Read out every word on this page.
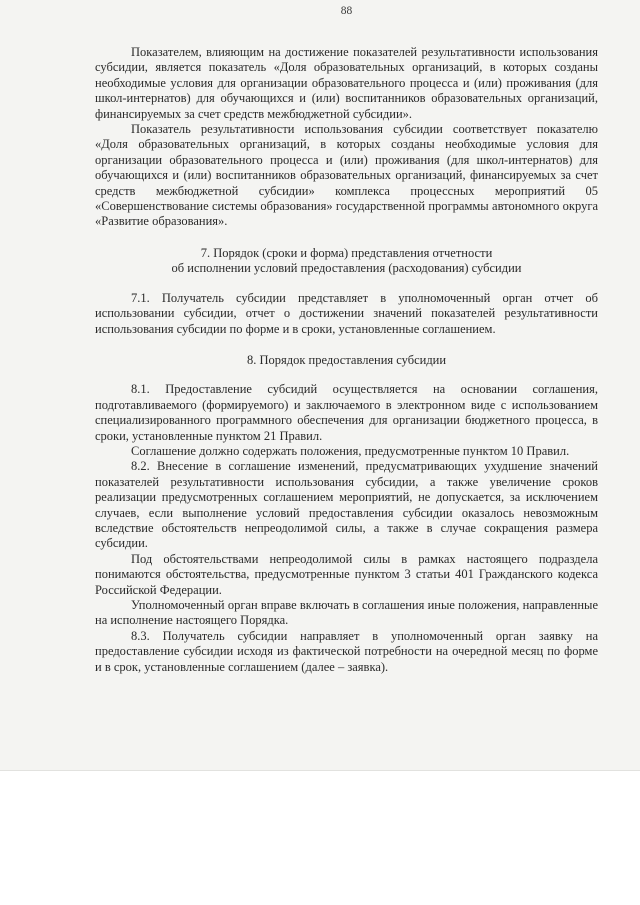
88

Показателем, влияющим на достижение показателей результативности использования субсидии, является показатель «Доля образовательных организаций, в которых созданы необходимые условия для организации образовательного процесса и (или) проживания (для школ-интернатов) для обучающихся и (или) воспитанников образовательных организаций, финансируемых за счет средств межбюджетной субсидии».

Показатель результативности использования субсидии соответствует показателю «Доля образовательных организаций, в которых созданы необходимые условия для организации образовательного процесса и (или) проживания (для школ-интернатов) для обучающихся и (или) воспитанников образовательных организаций, финансируемых за счет средств межбюджетной субсидии» комплекса процессных мероприятий 05 «Совершенствование системы образования» государственной программы автономного округа «Развитие образования».

7. Порядок (сроки и форма) представления отчетности
об исполнении условий предоставления (расходования) субсидии

7.1. Получатель субсидии представляет в уполномоченный орган отчет об использовании субсидии, отчет о достижении значений показателей результативности использования субсидии по форме и в сроки, установленные соглашением.

8. Порядок предоставления субсидии

8.1. Предоставление субсидий осуществляется на основании соглашения, подготавливаемого (формируемого) и заключаемого в электронном виде с использованием специализированного программного обеспечения для организации бюджетного процесса, в сроки, установленные пунктом 21 Правил.

Соглашение должно содержать положения, предусмотренные пунктом 10 Правил.

8.2. Внесение в соглашение изменений, предусматривающих ухудшение значений показателей результативности использования субсидии, а также увеличение сроков реализации предусмотренных соглашением мероприятий, не допускается, за исключением случаев, если выполнение условий предоставления субсидии оказалось невозможным вследствие обстоятельств непреодолимой силы, а также в случае сокращения размера субсидии.

Под обстоятельствами непреодолимой силы в рамках настоящего подраздела понимаются обстоятельства, предусмотренные пунктом 3 статьи 401 Гражданского кодекса Российской Федерации.

Уполномоченный орган вправе включать в соглашения иные положения, направленные на исполнение настоящего Порядка.

8.3. Получатель субсидии направляет в уполномоченный орган заявку на предоставление субсидии исходя из фактической потребности на очередной месяц по форме и в срок, установленные соглашением (далее – заявка).
